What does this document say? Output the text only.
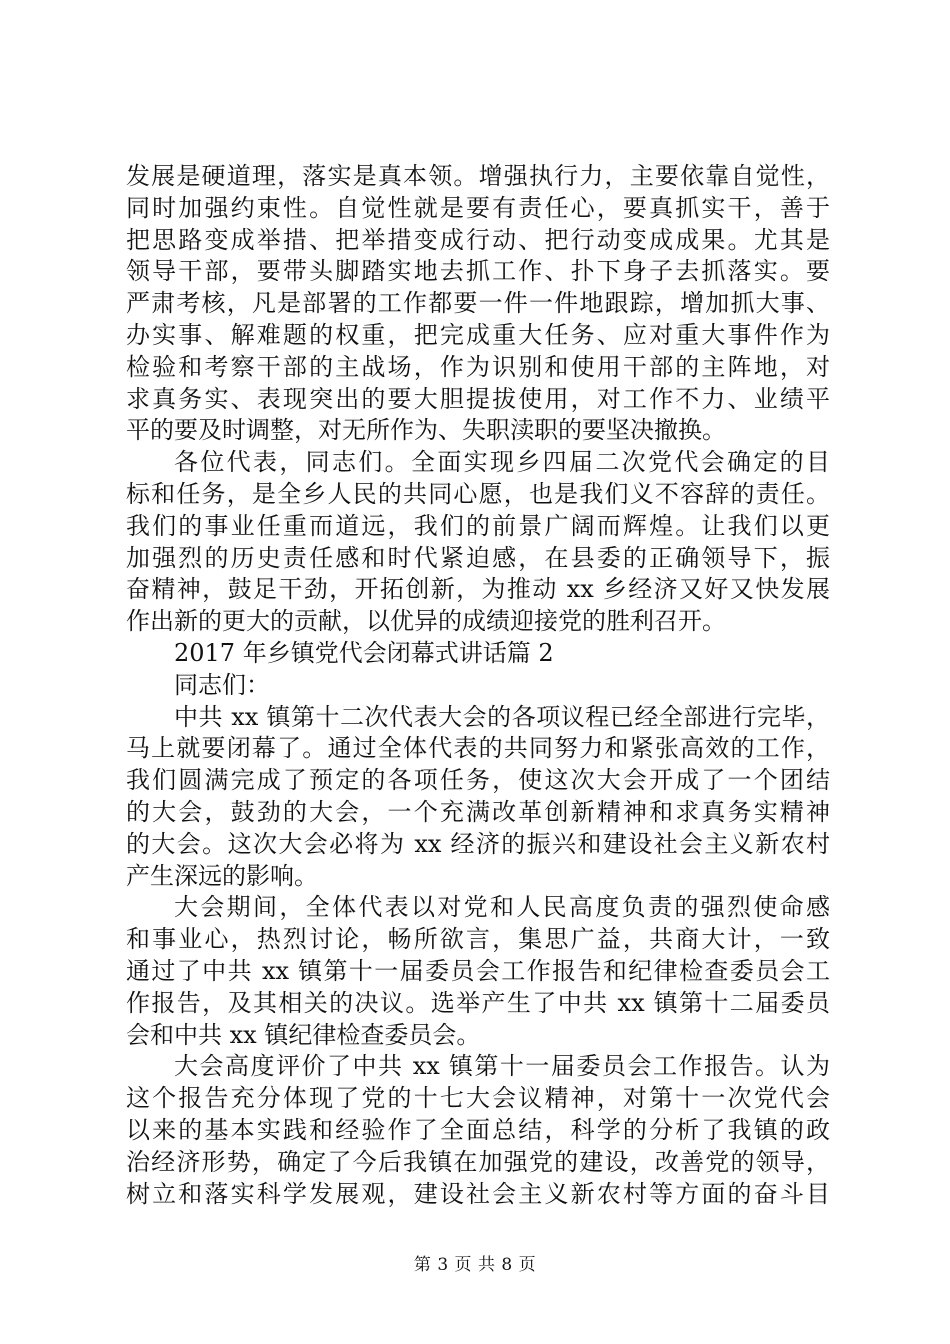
发展是硬道理，落实是真本领。增强执行力，主要依靠自觉性，
同时加强约束性。自觉性就是要有责任心，要真抓实干，善于
把思路变成举措、把举措变成行动、把行动变成成果。尤其是
领导干部，要带头脚踏实地去抓工作、扑下身子去抓落实。要
严肃考核，凡是部署的工作都要一件一件地跟踪，增加抓大事、
办实事、解难题的权重，把完成重大任务、应对重大事件作为
检验和考察干部的主战场，作为识别和使用干部的主阵地，对
求真务实、表现突出的要大胆提拔使用，对工作不力、业绩平
平的要及时调整，对无所作为、失职渎职的要坚决撤换。
各位代表，同志们。全面实现乡四届二次党代会确定的目
标和任务，是全乡人民的共同心愿，也是我们义不容辞的责任。
我们的事业任重而道远，我们的前景广阔而辉煌。让我们以更
加强烈的历史责任感和时代紧迫感，在县委的正确领导下，振
奋精神，鼓足干劲，开拓创新，为推动 xx 乡经济又好又快发展
作出新的更大的贡献，以优异的成绩迎接党的胜利召开。
2017 年乡镇党代会闭幕式讲话篇 2
同志们：
中共 xx 镇第十二次代表大会的各项议程已经全部进行完毕，
马上就要闭幕了。通过全体代表的共同努力和紧张高效的工作，
我们圆满完成了预定的各项任务，使这次大会开成了一个团结
的大会，鼓劲的大会，一个充满改革创新精神和求真务实精神
的大会。这次大会必将为 xx 经济的振兴和建设社会主义新农村
产生深远的影响。
大会期间，全体代表以对党和人民高度负责的强烈使命感
和事业心，热烈讨论，畅所欲言，集思广益，共商大计，一致
通过了中共 xx 镇第十一届委员会工作报告和纪律检查委员会工
作报告，及其相关的决议。选举产生了中共 xx 镇第十二届委员
会和中共 xx 镇纪律检查委员会。
大会高度评价了中共 xx 镇第十一届委员会工作报告。认为
这个报告充分体现了党的十七大会议精神，对第十一次党代会
以来的基本实践和经验作了全面总结，科学的分析了我镇的政
治经济形势，确定了今后我镇在加强党的建设，改善党的领导，
树立和落实科学发展观，建设社会主义新农村等方面的奋斗目
第 3 页 共 8 页
